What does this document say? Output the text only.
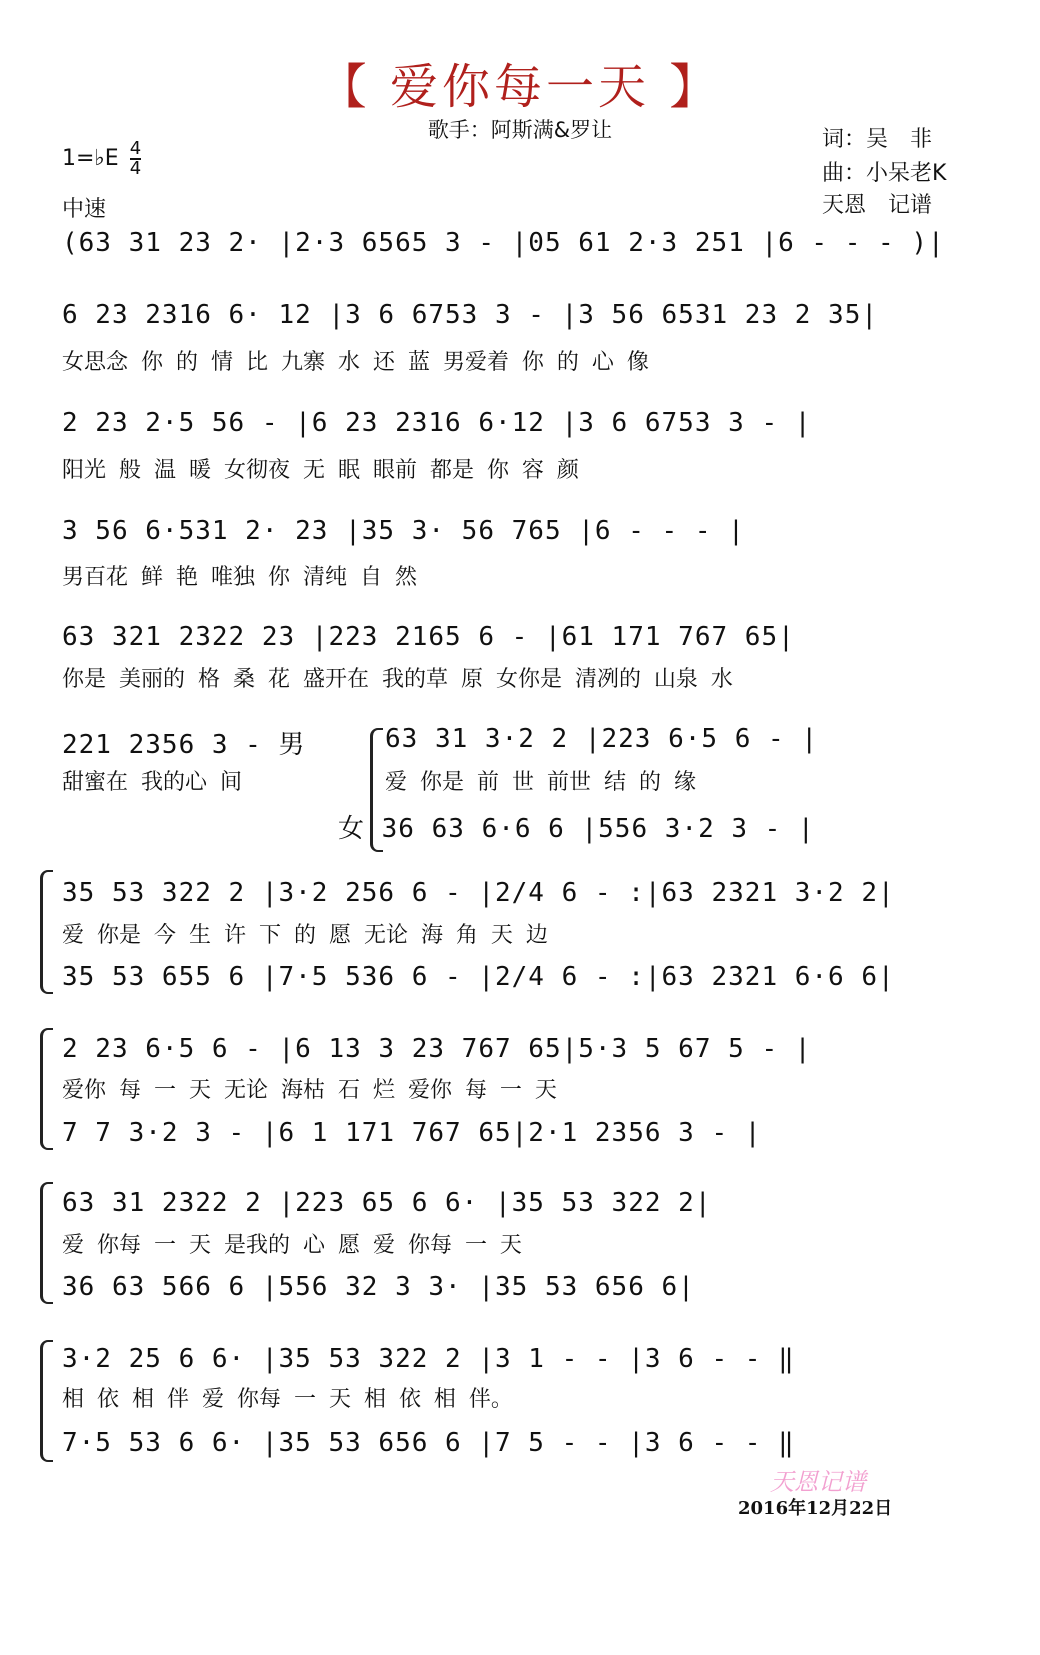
【 爱你每一天 】
歌手：阿斯满&罗让	词：吴　非
曲：小呆老K
天恩　记谱
1=♭E $\frac{4}{4}$
中速
(63 31 23 2· |2·3 6565 3 - |05 61 2·3 251 |6 - - - )|
6 23 2316 6· 12 |3 6 6753 3 - |3 56 6531 23 2 35|
女思念 你 的 情 比 九寨 水 还 蓝 男爱着 你 的 心 像
2 23 2·5 56 - |6 23 2316 6·12 |3 6 6753 3 - |
阳光 般 温 暖 女彻夜 无 眠 眼前 都是 你 容 颜
3 56 6·531 2· 23 |35 3· 56 765 |6 - - - |
男百花 鲜 艳 唯独 你 清纯 自 然
63 321 2322 23 |223 2165 6 - |61 171 767 65|
你是 美丽的 格 桑 花 盛开在 我的草 原 女你是 清冽的 山泉 水
221 2356 3 - 男
甜蜜在 我的心 间
63 31 3·2 2 |223 6·5 6 - |
爱 你是 前 世 前世 结 的 缘
女 36 63 6·6 6 |556 3·2 3 - |
35 53 322 2 |3·2 256 6 - |2/4 6 - :|63 2321 3·2 2|
爱 你是 今 生 许 下 的 愿 无论 海 角 天 边
35 53 655 6 |7·5 536 6 - |2/4 6 - :|63 2321 6·6 6|
2 23 6·5 6 - |6 13 3 23 767 65|5·3 5 67 5 - |
爱你 每 一 天 无论 海枯 石 烂 爱你 每 一 天
7 7 3·2 3 - |6 1 171 767 65|2·1 2356 3 - |
63 31 2322 2 |223 65 6 6· |35 53 322 2|
爱 你每 一 天 是我的 心 愿 爱 你每 一 天
36 63 566 6 |556 32 3 3· |35 53 656 6|
3·2 25 6 6· |35 53 322 2 |3 1 - - |3 6 - - ‖
相 依 相 伴 爱 你每 一 天 相 依 相 伴。
7·5 53 6 6· |35 53 656 6 |7 5 - - |3 6 - - ‖
天恩记谱
2016年12月22日
